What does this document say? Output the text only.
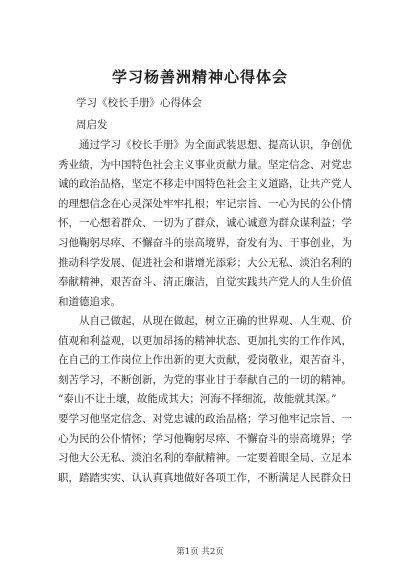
学习杨善洲精神心得体会
学习《校长手册》心得体会
周启发

　　通过学习《校长手册》为全面武装思想、提高认识，争创优

秀业绩，为中国特色社会主义事业贡献力量。坚定信念、对党忠

诚的政治品格，坚定不移走中国特色社会主义道路，让共产党人

的理想信念在心灵深处牢牢扎根；牢记宗旨、一心为民的公仆情

怀，一心想着群众、一切为了群众，诚心诚意为群众谋利益；学

习他鞠躬尽瘁、不懈奋斗的崇高境界，奋发有为、干事创业，为

推动科学发展、促进社会和谐增光添彩；大公无私、淡泊名利的

奉献精神，艰苦奋斗、清正廉洁，自觉实践共产党人的人生价值

和道德追求。

　　从自己做起，从现在做起，树立正确的世界观、人生观、价

值观和利益观，以更加昂扬的精神状态、更加扎实的工作作风，

在自己的工作岗位上作出新的更大贡献，爱岗敬业，艰苦奋斗，

刻苦学习，不断创新，为党的事业甘于奉献自己的一切的精神。

“泰山不让土壤，故能成其大；河海不择细流，故能就其深。”

要学习他坚定信念、对党忠诚的政治品格；学习他牢记宗旨、一

心为民的公仆情怀；学习他鞠躬尽瘁、不懈奋斗的崇高境界；学

习他大公无私、淡泊名利的奉献精神。一定要着眼全局、立足本

职，踏踏实实、认认真真地做好各项工作，不断满足人民群众日

第1页 共2页
